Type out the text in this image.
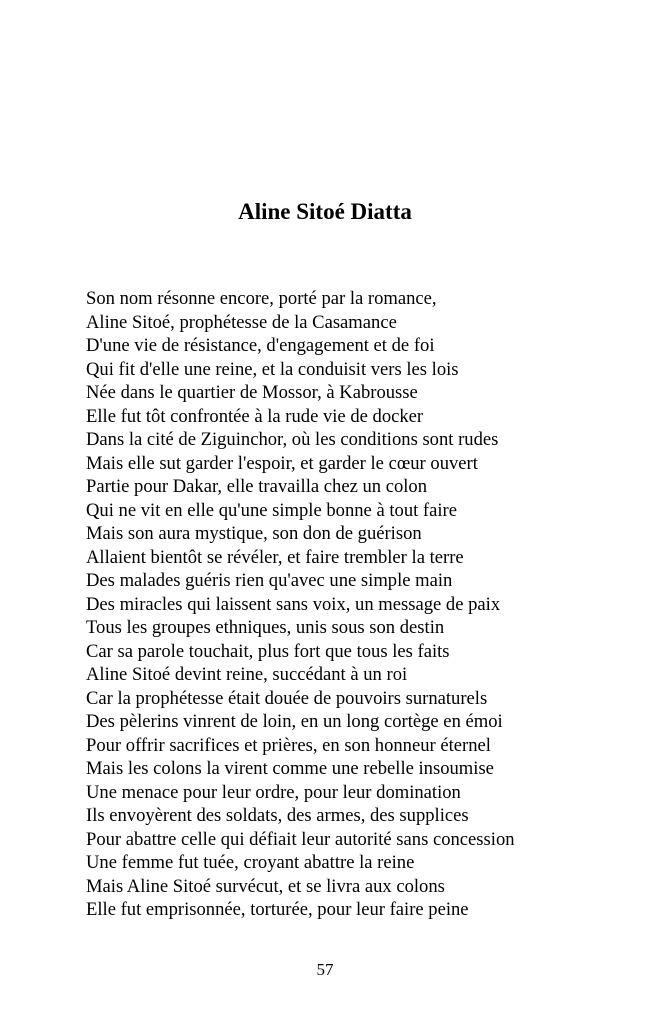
Aline Sitoé Diatta
Son nom résonne encore, porté par la romance,
Aline Sitoé, prophétesse de la Casamance
D'une vie de résistance, d'engagement et de foi
Qui fit d'elle une reine, et la conduisit vers les lois
Née dans le quartier de Mossor, à Kabrousse
Elle fut tôt confrontée à la rude vie de docker
Dans la cité de Ziguinchor, où les conditions sont rudes
Mais elle sut garder l'espoir, et garder le cœur ouvert
Partie pour Dakar, elle travailla chez un colon
Qui ne vit en elle qu'une simple bonne à tout faire
Mais son aura mystique, son don de guérison
Allaient bientôt se révéler, et faire trembler la terre
Des malades guéris rien qu'avec une simple main
Des miracles qui laissent sans voix, un message de paix
Tous les groupes ethniques, unis sous son destin
Car sa parole touchait, plus fort que tous les faits
Aline Sitoé devint reine, succédant à un roi
Car la prophétesse était douée de pouvoirs surnaturels
Des pèlerins vinrent de loin, en un long cortège en émoi
Pour offrir sacrifices et prières, en son honneur éternel
Mais les colons la virent comme une rebelle insoumise
Une menace pour leur ordre, pour leur domination
Ils envoyèrent des soldats, des armes, des supplices
Pour abattre celle qui défiait leur autorité sans concession
Une femme fut tuée, croyant abattre la reine
Mais Aline Sitoé survécut, et se livra aux colons
Elle fut emprisonnée, torturée, pour leur faire peine
57
